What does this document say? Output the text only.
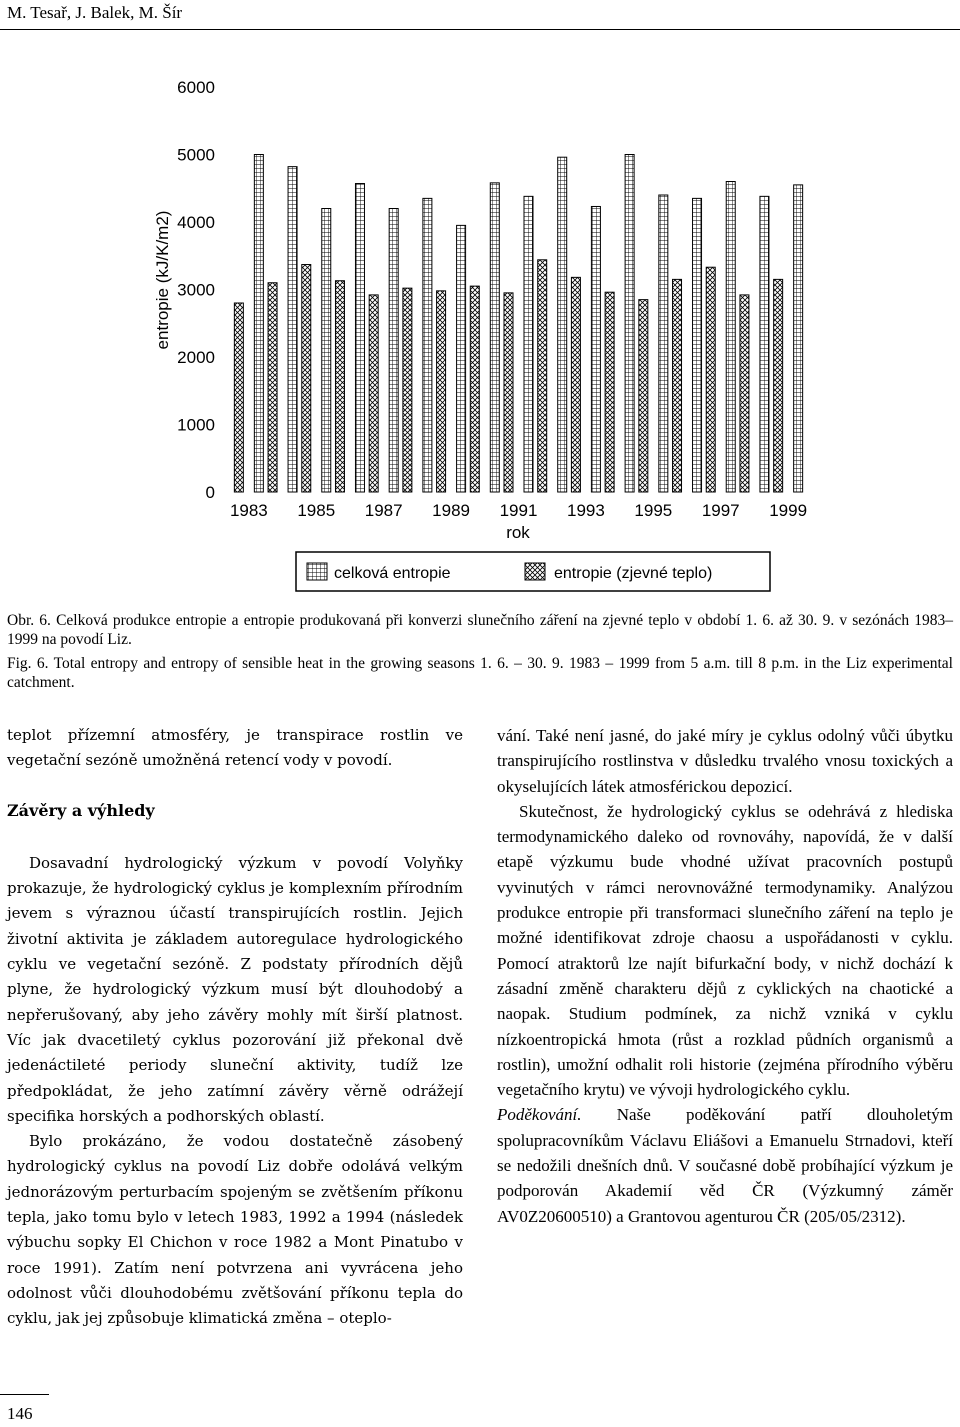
M. Tesař, J. Balek, M. Šír
entropie (kJ/K/m2)
0
1000
2000
3000
4000
5000
6000
1983 1985 1987 1989 1991 1993 1995 1997 1999
rok
celková entropie	entropie (zjevné teplo)

Obr. 6. Celková produkce entropie a entropie produkovaná při konverzi slunečního záření na zjevné teplo v období 1. 6. až 30. 9. v sezónách 1983–1999 na povodí Liz.

Fig. 6. Total entropy and entropy of sensible heat in the growing seasons 1. 6. – 30. 9. 1983 – 1999 from 5 a.m. till 8 p.m. in the Liz experimental catchment.

teplot přízemní atmosféry, je transpirace rostlin ve vegetační sezóně umožněná retencí vody v povodí.

Závěry a výhledy

Dosavadní hydrologický výzkum v povodí Volyňky prokazuje, že hydrologický cyklus je komplexním přírodním jevem s výraznou účastí transpirujících rostlin. Jejich životní aktivita je základem autoregulace hydrologického cyklu ve vegetační sezóně. Z podstaty přírodních dějů plyne, že hydrologický výzkum musí být dlouhodobý a nepřerušovaný, aby jeho závěry mohly mít širší platnost. Víc jak dvacetiletý cyklus pozorování již překonal dvě jedenáctileté periody sluneční aktivity, tudíž lze předpokládat, že jeho zatímní závěry věrně odrážejí specifika horských a podhorských oblastí.

Bylo prokázáno, že vodou dostatečně zásobený hydrologický cyklus na povodí Liz dobře odolává velkým jednorázovým perturbacím spojeným se zvětšením příkonu tepla, jako tomu bylo v letech 1983, 1992 a 1994 (následek výbuchu sopky El Chichon v roce 1982 a Mont Pinatubo v roce 1991). Zatím není potvrzena ani vyvrácena jeho odolnost vůči dlouhodobému zvětšování příkonu tepla do cyklu, jak jej způsobuje klimatická změna – oteplo-

vání. Také není jasné, do jaké míry je cyklus odolný vůči úbytku transpirujícího rostlinstva v důsledku trvalého vnosu toxických a okyselujících látek atmosférickou depozicí.

Skutečnost, že hydrologický cyklus se odehrává z hlediska termodynamického daleko od rovnováhy, napovídá, že v další etapě výzkumu bude vhodné užívat pracovních postupů vyvinutých v rámci nerovnovážné termodynamiky. Analýzou produkce entropie při transformaci slunečního záření na teplo je možné identifikovat zdroje chaosu a uspořádanosti v cyklu. Pomocí atraktorů lze najít bifurkační body, v nichž dochází k zásadní změně charakteru dějů z cyklických na chaotické a naopak. Studium podmínek, za nichž vzniká v cyklu nízkoentropická hmota (růst a rozklad půdních organismů a rostlin), umožní odhalit roli historie (zejména přírodního výběru vegetačního krytu) ve vývoji hydrologického cyklu.

Poděkování. Naše poděkování patří dlouholetým spolupracovníkům Václavu Eliášovi a Emanuelu Strnadovi, kteří se nedožili dnešních dnů. V současné době probíhající výzkum je podporován Akademií věd ČR (Výzkumný záměr AV0Z20600510) a Grantovou agenturou ČR (205/05/2312).

146
